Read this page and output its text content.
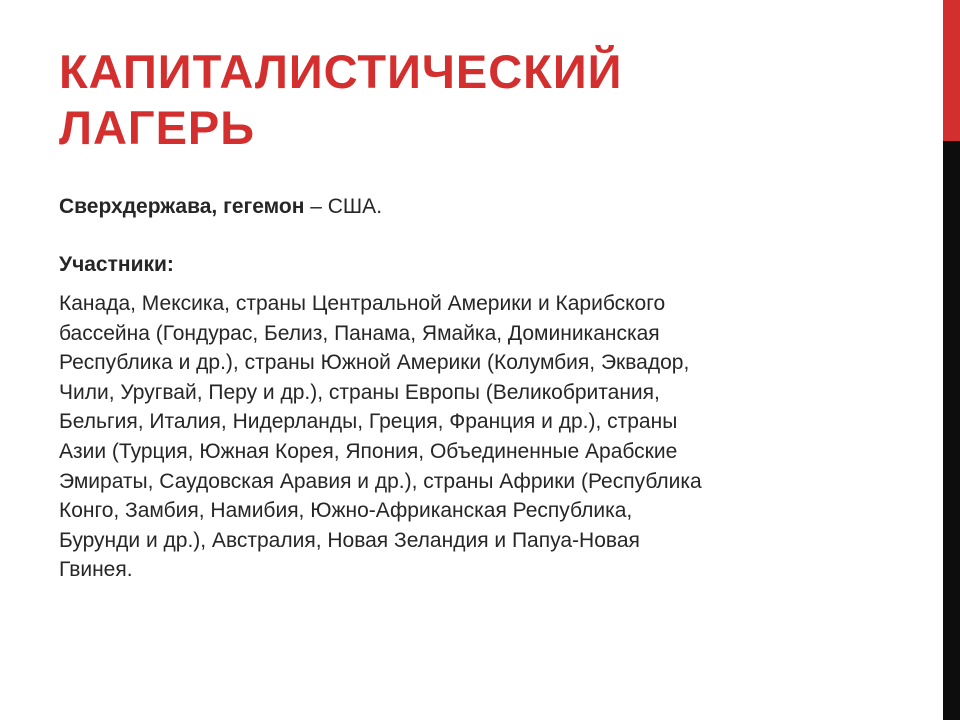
КАПИТАЛИСТИЧЕСКИЙ
ЛАГЕРЬ

Сверхдержава, гегемон – США.

Участники:

Канада, Мексика, страны Центральной Америки и Карибского
бассейна (Гондурас, Белиз, Панама, Ямайка, Доминиканская
Республика и др.), страны Южной Америки (Колумбия, Эквадор,
Чили, Уругвай, Перу и др.), страны Европы (Великобритания,
Бельгия, Италия, Нидерланды, Греция, Франция и др.), страны
Азии (Турция, Южная Корея, Япония, Объединенные Арабские
Эмираты, Саудовская Аравия и др.), страны Африки (Республика
Конго, Замбия, Намибия, Южно-Африканская Республика,
Бурунди и др.), Австралия, Новая Зеландия и Папуа-Новая
Гвинея.
